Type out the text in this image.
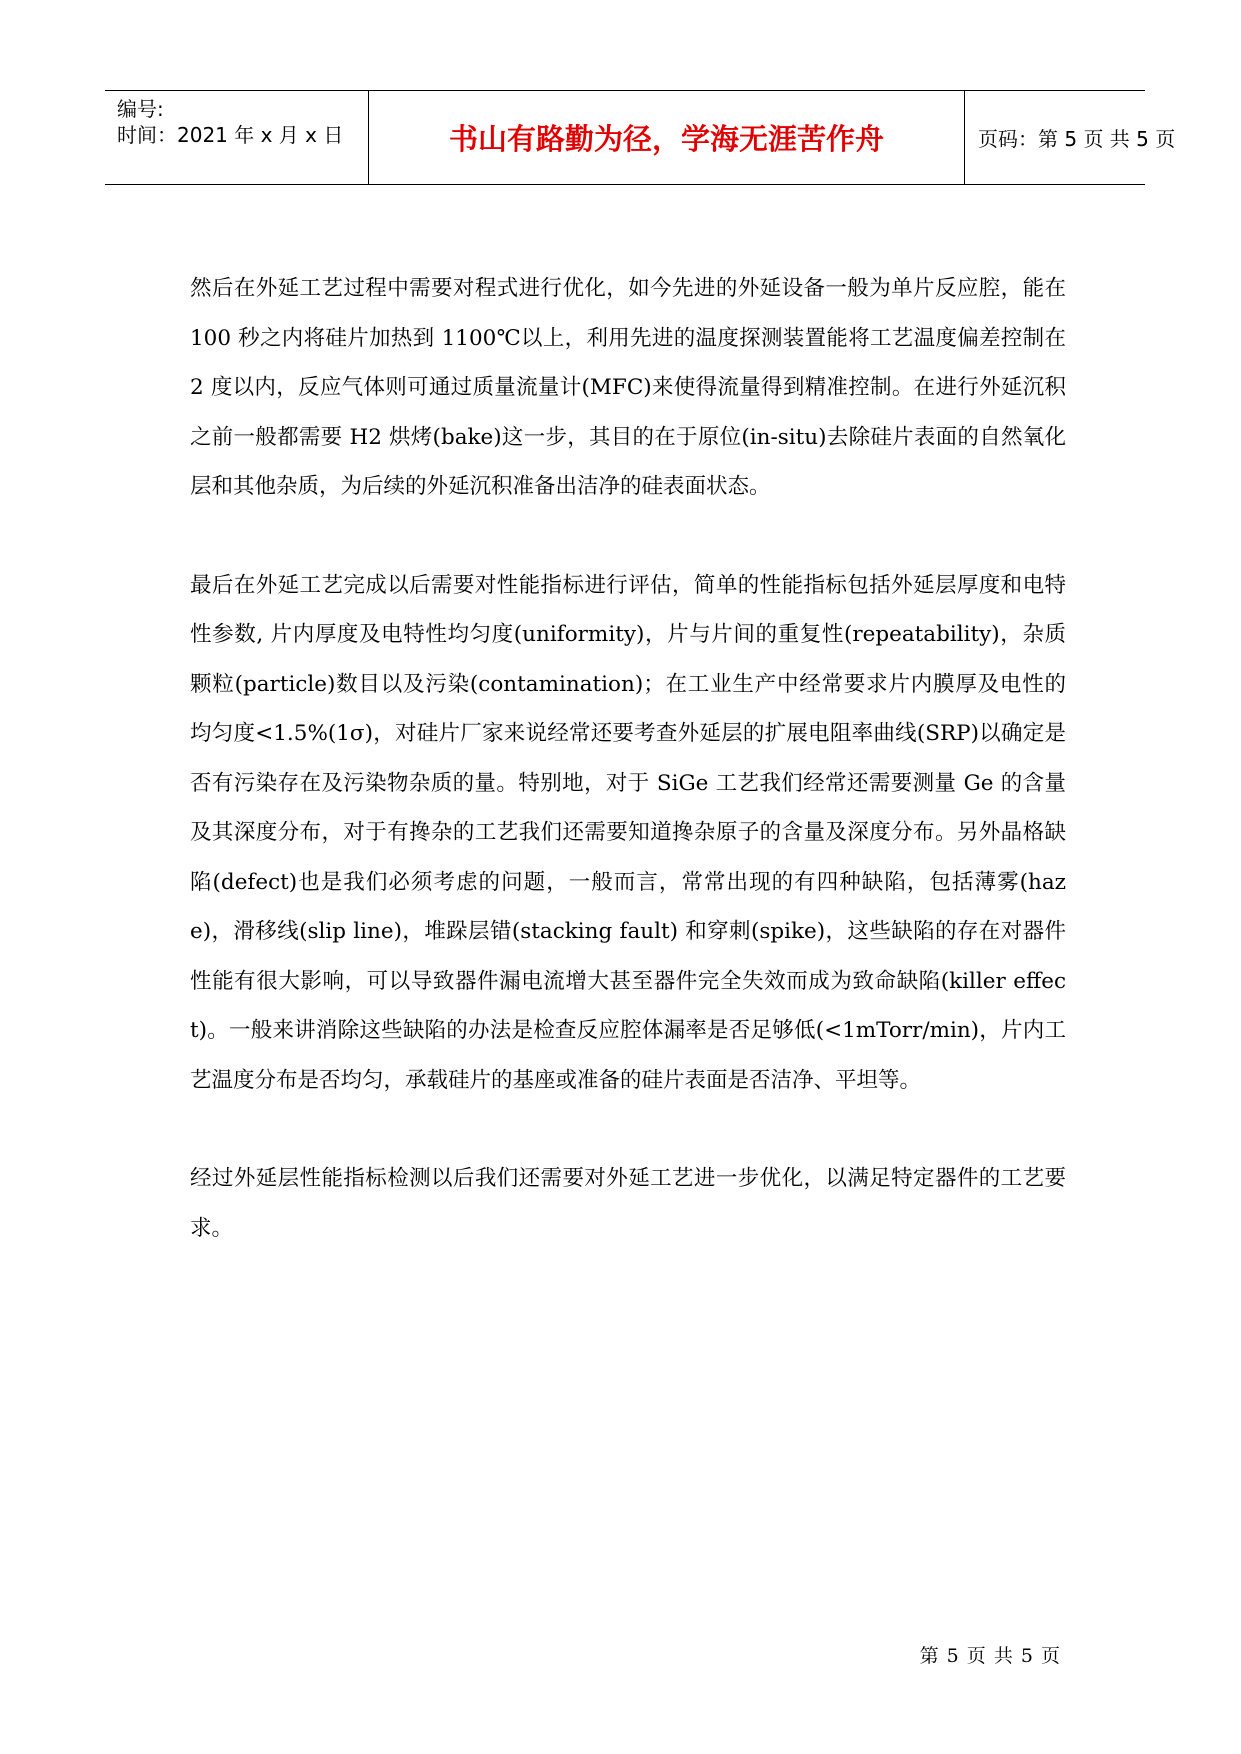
编号:
时间：2021 年 x 月 x 日	书山有路勤为径，学海无涯苦作舟	页码：第 5 页 共 5 页

然后在外延工艺过程中需要对程式进行优化，如今先进的外延设备一般为单片反应腔，能在 100 秒之内将硅片加热到 1100℃以上，利用先进的温度探测装置能将工艺温度偏差控制在 2 度以内，反应气体则可通过质量流量计(MFC)来使得流量得到精准控制。在进行外延沉积之前一般都需要 H2 烘烤(bake)这一步，其目的在于原位(in-situ)去除硅片表面的自然氧化层和其他杂质，为后续的外延沉积准备出洁净的硅表面状态。

最后在外延工艺完成以后需要对性能指标进行评估，简单的性能指标包括外延层厚度和电特性参数, 片内厚度及电特性均匀度(uniformity)，片与片间的重复性(repeatability)，杂质颗粒(particle)数目以及污染(contamination)；在工业生产中经常要求片内膜厚及电性的均匀度<1.5%(1σ)，对硅片厂家来说经常还要考查外延层的扩展电阻率曲线(SRP)以确定是否有污染存在及污染物杂质的量。特别地，对于 SiGe 工艺我们经常还需要测量 Ge 的含量及其深度分布，对于有搀杂的工艺我们还需要知道搀杂原子的含量及深度分布。另外晶格缺陷(defect)也是我们必须考虑的问题，一般而言，常常出现的有四种缺陷，包括薄雾(haze)，滑移线(slip line)，堆跺层错(stacking fault) 和穿刺(spike)，这些缺陷的存在对器件性能有很大影响，可以导致器件漏电流增大甚至器件完全失效而成为致命缺陷(killer effect)。一般来讲消除这些缺陷的办法是检查反应腔体漏率是否足够低(<1mTorr/min)，片内工艺温度分布是否均匀，承载硅片的基座或准备的硅片表面是否洁净、平坦等。

经过外延层性能指标检测以后我们还需要对外延工艺进一步优化，以满足特定器件的工艺要求。

第 5 页 共 5 页
